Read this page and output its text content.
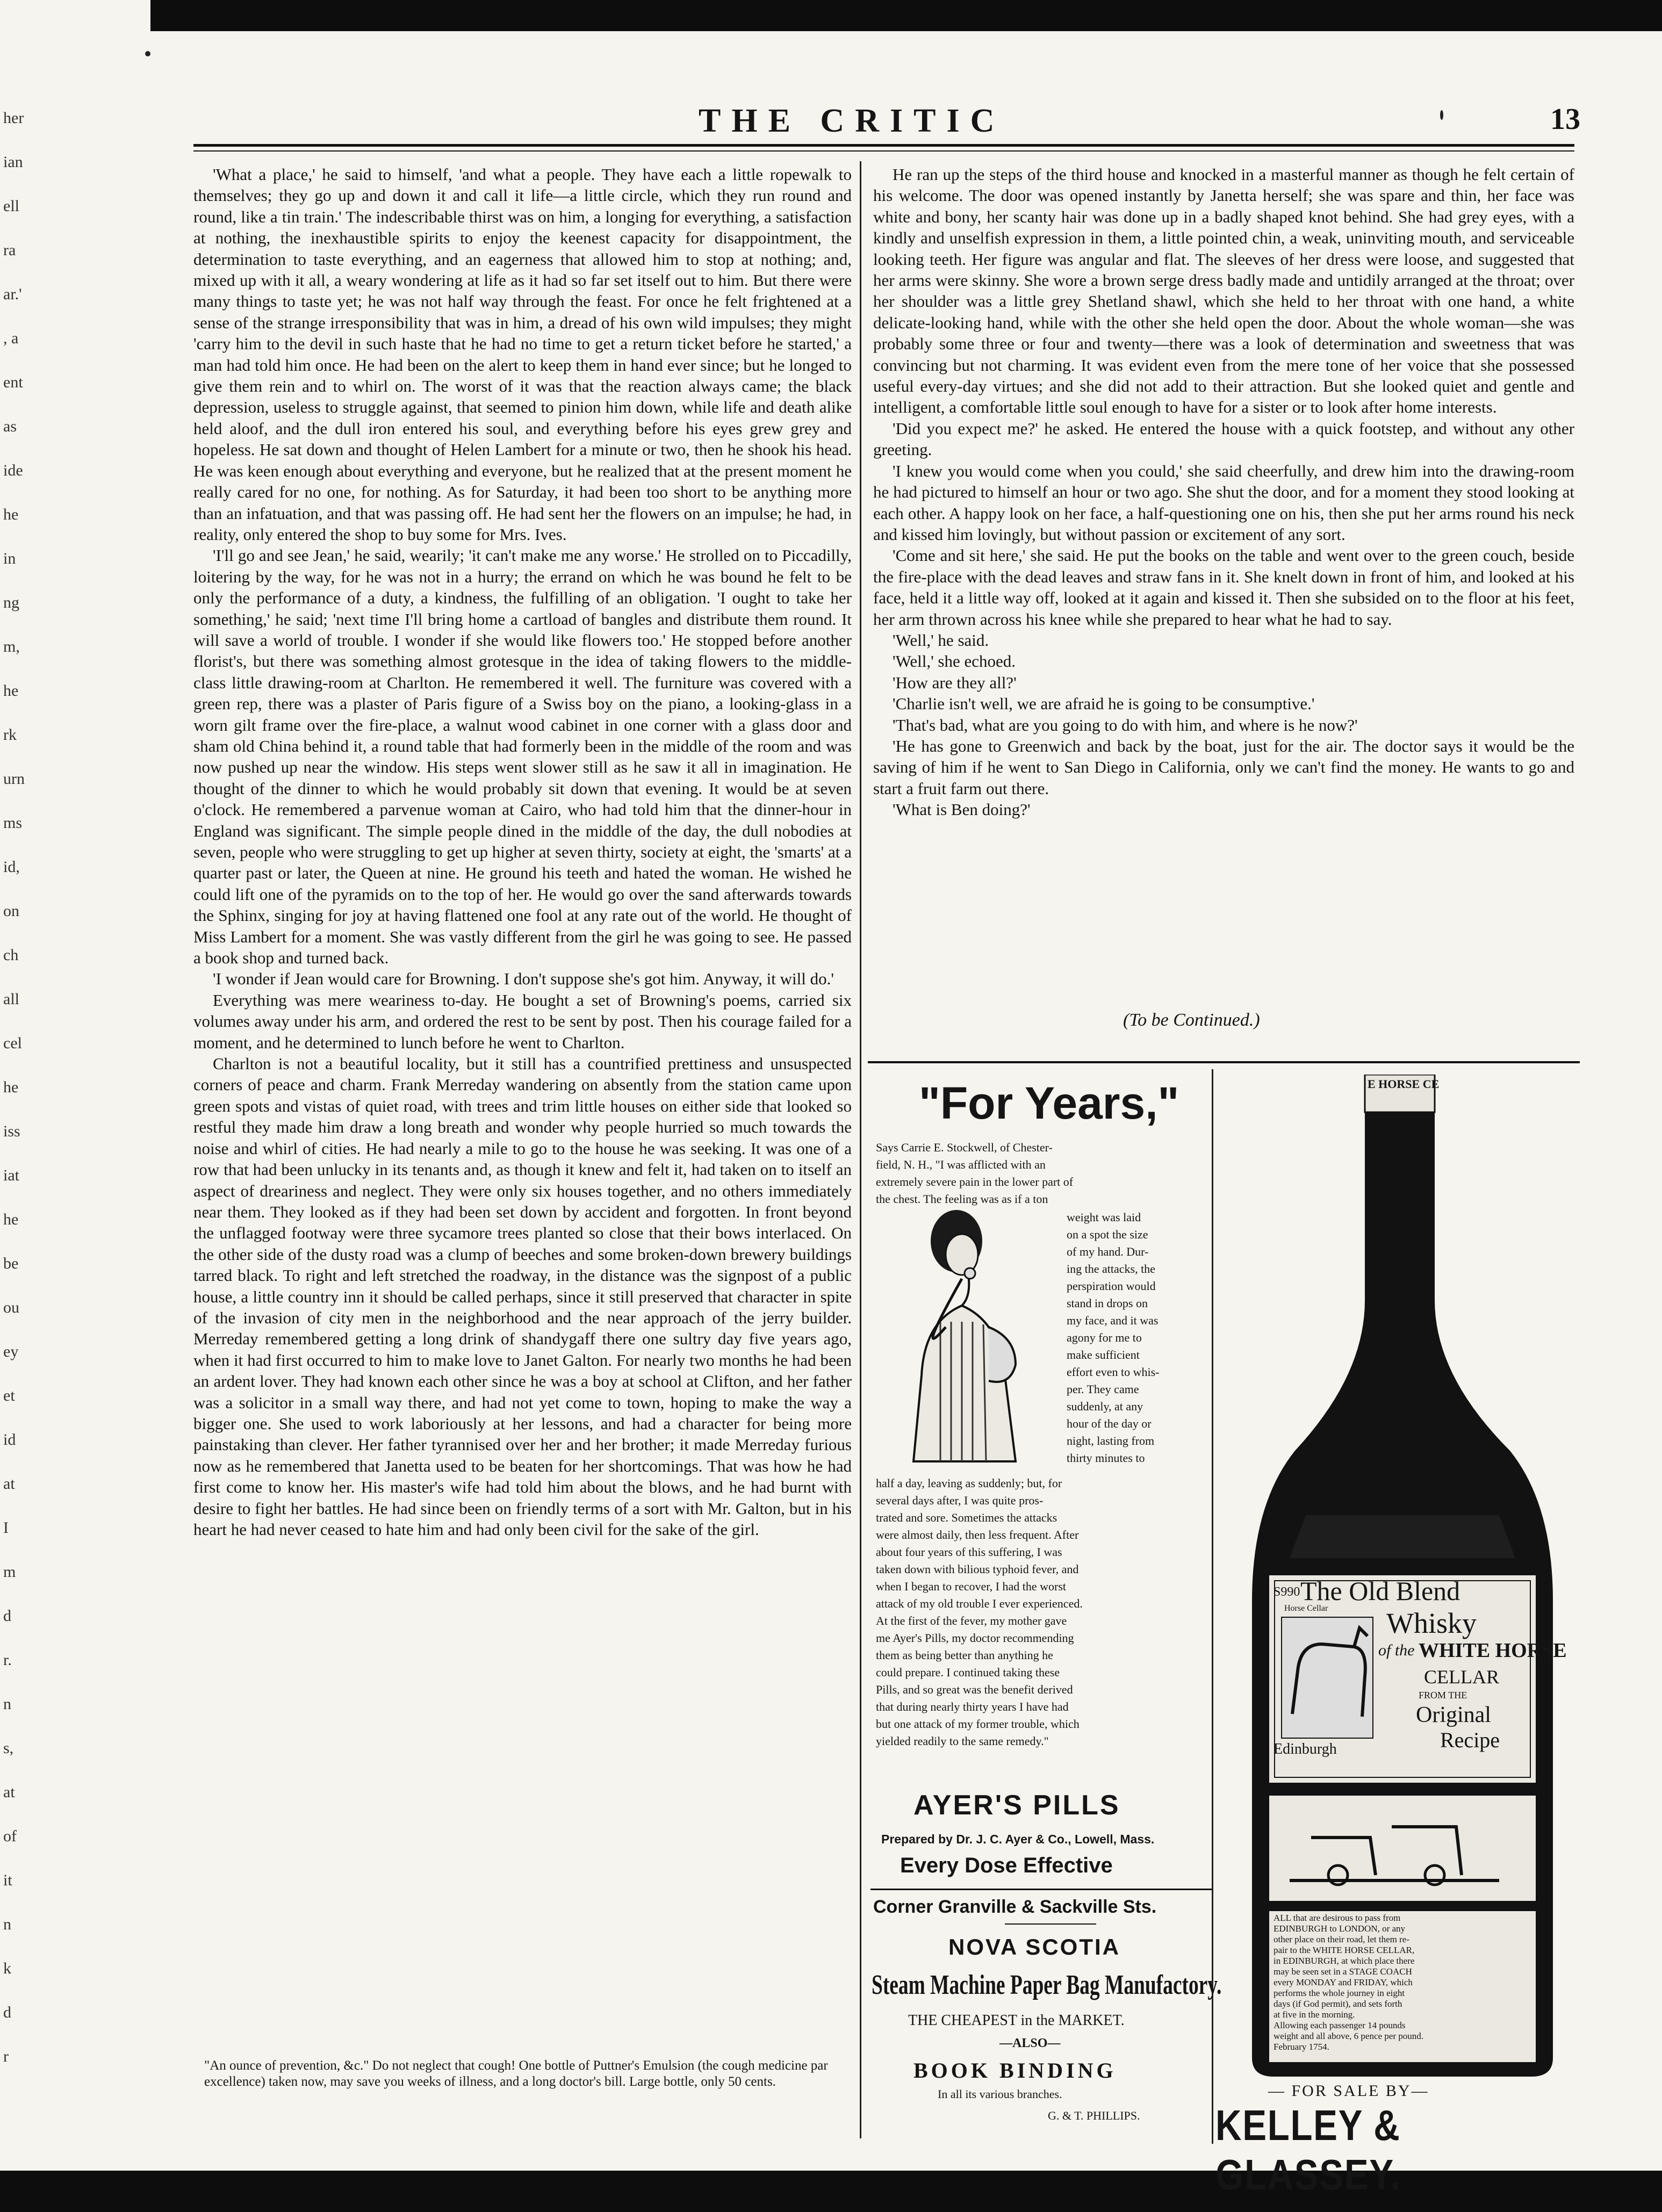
her
ian
ell
ra
ar.'
, a
ent
as
ide
he
in
ng
m,
he
rk
urn
ms
id,
on
ch
all
cel
he
iss
iat
he
be
ou
ey
et
id
at
I
m
d
r.
n
s,
at
of
it
n
k
d
r
THE CRITIC	13

'What a place,' he said to himself, 'and what a people. They have each a little ropewalk to themselves; they go up and down it and call it life—a little circle, which they run round and round, like a tin train.' The indescribable thirst was on him, a longing for everything, a satisfaction at nothing, the inexhaustible spirits to enjoy the keenest capacity for disappointment, the determination to taste everything, and an eagerness that allowed him to stop at nothing; and, mixed up with it all, a weary wondering at life as it had so far set itself out to him. But there were many things to taste yet; he was not half way through the feast. For once he felt frightened at a sense of the strange irresponsibility that was in him, a dread of his own wild impulses; they might 'carry him to the devil in such haste that he had no time to get a return ticket before he started,' a man had told him once. He had been on the alert to keep them in hand ever since; but he longed to give them rein and to whirl on. The worst of it was that the reaction always came; the black depression, useless to struggle against, that seemed to pinion him down, while life and death alike held aloof, and the dull iron entered his soul, and everything before his eyes grew grey and hopeless. He sat down and thought of Helen Lambert for a minute or two, then he shook his head. He was keen enough about everything and everyone, but he realized that at the present moment he really cared for no one, for nothing. As for Saturday, it had been too short to be anything more than an infatuation, and that was passing off. He had sent her the flowers on an impulse; he had, in reality, only entered the shop to buy some for Mrs. Ives.

'I'll go and see Jean,' he said, wearily; 'it can't make me any worse.' He strolled on to Piccadilly, loitering by the way, for he was not in a hurry; the errand on which he was bound he felt to be only the performance of a duty, a kindness, the fulfilling of an obligation. 'I ought to take her something,' he said; 'next time I'll bring home a cartload of bangles and distribute them round. It will save a world of trouble. I wonder if she would like flowers too.' He stopped before another florist's, but there was something almost grotesque in the idea of taking flowers to the middle-class little drawing-room at Charlton. He remembered it well. The furniture was covered with a green rep, there was a plaster of Paris figure of a Swiss boy on the piano, a looking-glass in a worn gilt frame over the fire-place, a walnut wood cabinet in one corner with a glass door and sham old China behind it, a round table that had formerly been in the middle of the room and was now pushed up near the window. His steps went slower still as he saw it all in imagination. He thought of the dinner to which he would probably sit down that evening. It would be at seven o'clock. He remembered a parvenue woman at Cairo, who had told him that the dinner-hour in England was significant. The simple people dined in the middle of the day, the dull nobodies at seven, people who were struggling to get up higher at seven thirty, society at eight, the 'smarts' at a quarter past or later, the Queen at nine. He ground his teeth and hated the woman. He wished he could lift one of the pyramids on to the top of her. He would go over the sand afterwards towards the Sphinx, singing for joy at having flattened one fool at any rate out of the world. He thought of Miss Lambert for a moment. She was vastly different from the girl he was going to see. He passed a book shop and turned back.

'I wonder if Jean would care for Browning. I don't suppose she's got him. Anyway, it will do.'

Everything was mere weariness to-day. He bought a set of Browning's poems, carried six volumes away under his arm, and ordered the rest to be sent by post. Then his courage failed for a moment, and he determined to lunch before he went to Charlton.

Charlton is not a beautiful locality, but it still has a countrified prettiness and unsuspected corners of peace and charm. Frank Merreday wandering on absently from the station came upon green spots and vistas of quiet road, with trees and trim little houses on either side that looked so restful they made him draw a long breath and wonder why people hurried so much towards the noise and whirl of cities. He had nearly a mile to go to the house he was seeking. It was one of a row that had been unlucky in its tenants and, as though it knew and felt it, had taken on to itself an aspect of dreariness and neglect. They were only six houses together, and no others immediately near them. They looked as if they had been set down by accident and forgotten. In front beyond the unflagged footway were three sycamore trees planted so close that their bows interlaced. On the other side of the dusty road was a clump of beeches and some broken-down brewery buildings tarred black. To right and left stretched the roadway, in the distance was the signpost of a public house, a little country inn it should be called perhaps, since it still preserved that character in spite of the invasion of city men in the neighborhood and the near approach of the jerry builder. Merreday remembered getting a long drink of shandygaff there one sultry day five years ago, when it had first occurred to him to make love to Janet Galton. For nearly two months he had been an ardent lover. They had known each other since he was a boy at school at Clifton, and her father was a solicitor in a small way there, and had not yet come to town, hoping to make the way a bigger one. She used to work laboriously at her lessons, and had a character for being more painstaking than clever. Her father tyrannised over her and her brother; it made Merreday furious now as he remembered that Janetta used to be beaten for her shortcomings. That was how he had first come to know her. His master's wife had told him about the blows, and he had burnt with desire to fight her battles. He had since been on friendly terms of a sort with Mr. Galton, but in his heart he had never ceased to hate him and had only been civil for the sake of the girl.

He ran up the steps of the third house and knocked in a masterful manner as though he felt certain of his welcome. The door was opened instantly by Janetta herself; she was spare and thin, her face was white and bony, her scanty hair was done up in a badly shaped knot behind. She had grey eyes, with a kindly and unselfish expression in them, a little pointed chin, a weak, uninviting mouth, and serviceable looking teeth. Her figure was angular and flat. The sleeves of her dress were loose, and suggested that her arms were skinny. She wore a brown serge dress badly made and untidily arranged at the throat; over her shoulder was a little grey Shetland shawl, which she held to her throat with one hand, a white delicate-looking hand, while with the other she held open the door. About the whole woman—she was probably some three or four and twenty—there was a look of determination and sweetness that was convincing but not charming. It was evident even from the mere tone of her voice that she possessed useful every-day virtues; and she did not add to their attraction. But she looked quiet and gentle and intelligent, a comfortable little soul enough to have for a sister or to look after home interests.

'Did you expect me?' he asked. He entered the house with a quick footstep, and without any other greeting.

'I knew you would come when you could,' she said cheerfully, and drew him into the drawing-room he had pictured to himself an hour or two ago. She shut the door, and for a moment they stood looking at each other. A happy look on her face, a half-questioning one on his, then she put her arms round his neck and kissed him lovingly, but without passion or excitement of any sort.

'Come and sit here,' she said. He put the books on the table and went over to the green couch, beside the fire-place with the dead leaves and straw fans in it. She knelt down in front of him, and looked at his face, held it a little way off, looked at it again and kissed it. Then she subsided on to the floor at his feet, her arm thrown across his knee while she prepared to hear what he had to say.

'Well,' he said.

'Well,' she echoed.

'How are they all?'

'Charlie isn't well, we are afraid he is going to be consumptive.'

'That's bad, what are you going to do with him, and where is he now?'

'He has gone to Greenwich and back by the boat, just for the air. The doctor says it would be the saving of him if he went to San Diego in California, only we can't find the money. He wants to go and start a fruit farm out there.

'What is Ben doing?'

(To be Continued.)
"For Years,"
Says Carrie E. Stockwell, of Chester-
field, N. H., "I was afflicted with an
extremely severe pain in the lower part of
the chest. The feeling was as if a ton
weight was laid
on a spot the size
of my hand. Dur-
ing the attacks, the
perspiration would
stand in drops on
my face, and it was
agony for me to
make sufficient
effort even to whis-
per. They came
suddenly, at any
hour of the day or
night, lasting from
thirty minutes to
half a day, leaving as suddenly; but, for
several days after, I was quite pros-
trated and sore. Sometimes the attacks
were almost daily, then less frequent. After
about four years of this suffering, I was
taken down with bilious typhoid fever, and
when I began to recover, I had the worst
attack of my old trouble I ever experienced.
At the first of the fever, my mother gave
me Ayer's Pills, my doctor recommending
them as being better than anything he
could prepare. I continued taking these
Pills, and so great was the benefit derived
that during nearly thirty years I have had
but one attack of my former trouble, which
yielded readily to the same remedy."
AYER'S PILLS
Prepared by Dr. J. C. Ayer & Co., Lowell, Mass.
Every Dose Effective
Corner Granville & Sackville Sts.
NOVA SCOTIA
Steam Machine Paper Bag Manufactory.
THE CHEAPEST in the MARKET.
—ALSO—
BOOK BINDING
In all its various branches.
G. & T. PHILLIPS.
E HORSE CE
S990 The Old Blend
Whisky
of the WHITE HORSE
CELLAR
FROM THE
Original
Recipe
Edinburgh
Horse Cellar
ALL that are desirous to pass from
EDINBURGH to LONDON, or any
other place on their road, let them re-
pair to the WHITE HORSE CELLAR,
in EDINBURGH, at which place there
may be seen set in a STAGE COACH
every MONDAY and FRIDAY, which
performs the whole journey in eight
days (if God permit), and sets forth
at five in the morning.
Allowing each passenger 14 pounds
weight and all above, 6 pence per pound.
February 1754.
— FOR SALE BY—
KELLEY & GLASSEY.
"An ounce of prevention, &c." Do not neglect that cough! One bottle of Puttner's Emulsion (the cough medicine par excellence) taken now, may save you weeks of illness, and a long doctor's bill. Large bottle, only 50 cents.
